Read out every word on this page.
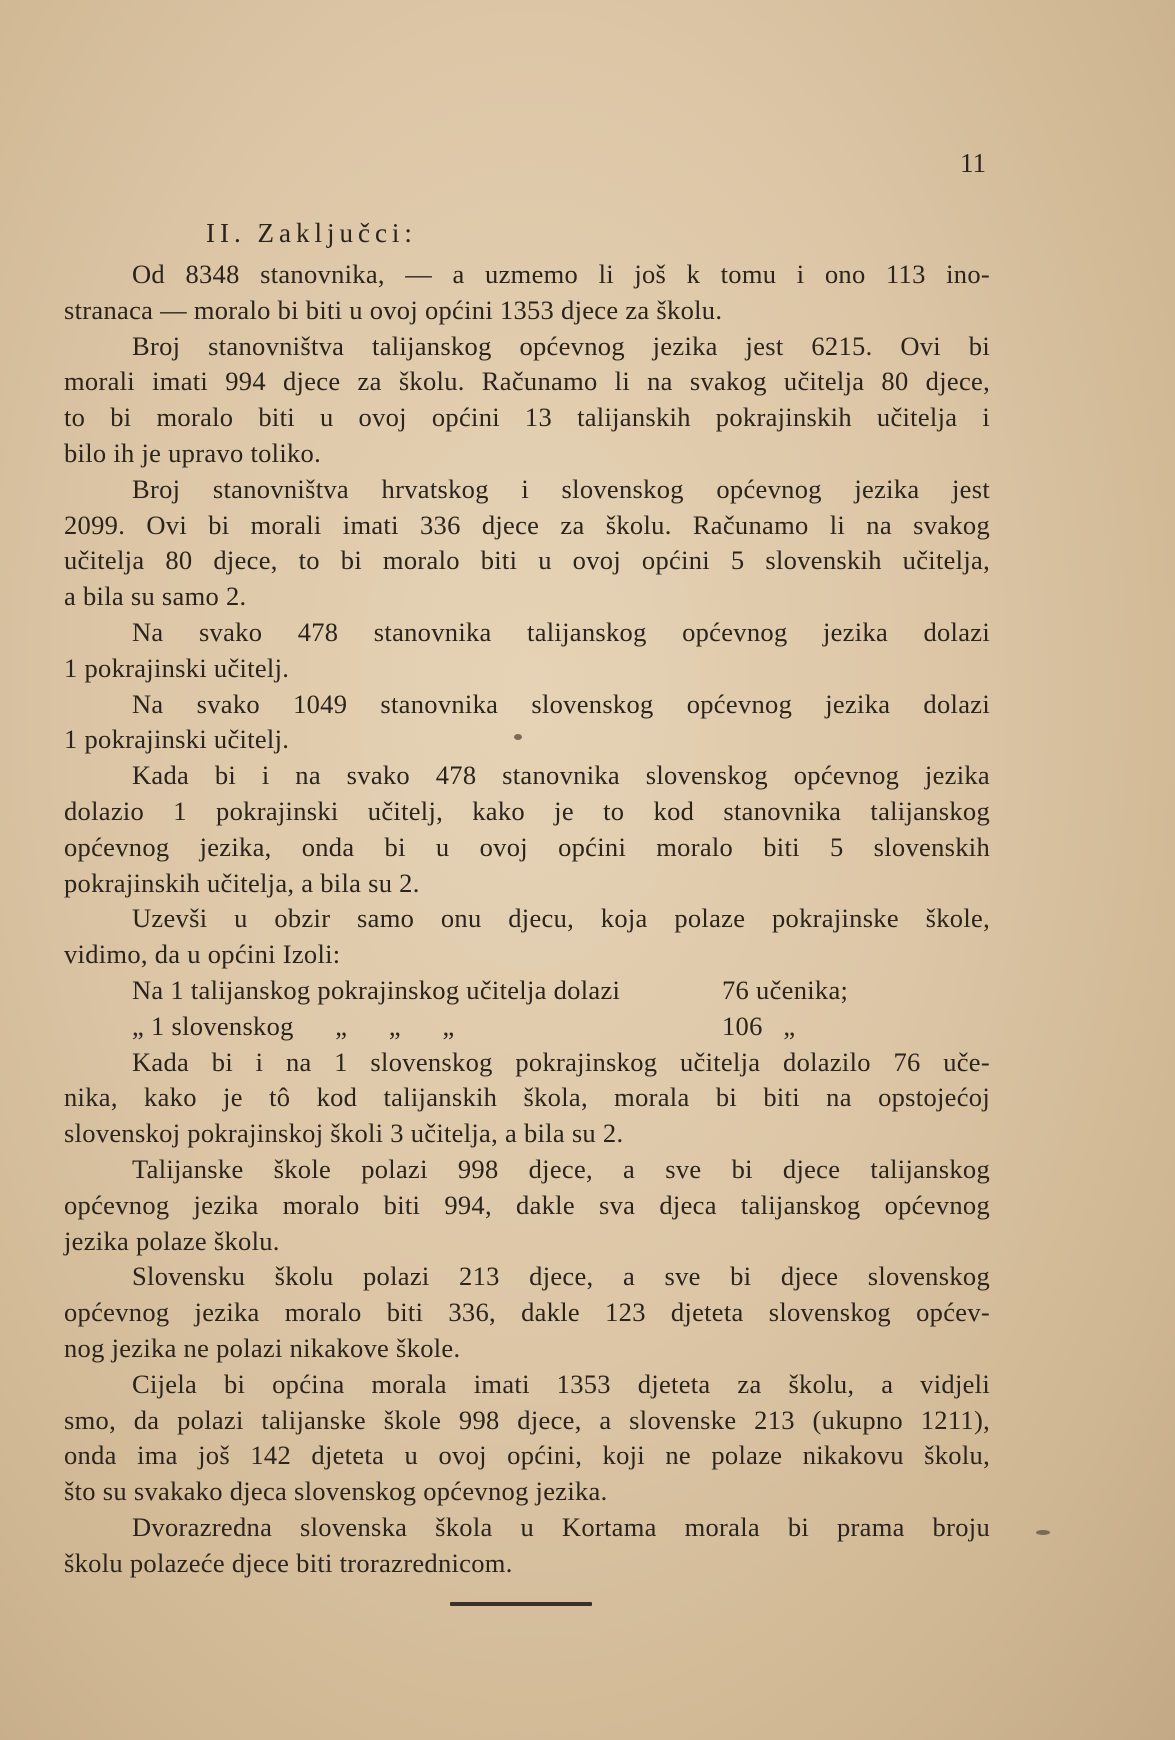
11
II. Zaključci:

Od 8348 stanovnika, — a uzmemo li još k tomu i ono 113 ino-
stranaca — moralo bi biti u ovoj općini 1353 djece za školu.

Broj stanovništva talijanskog općevnog jezika jest 6215. Ovi bi
morali imati 994 djece za školu. Računamo li na svakog učitelja 80 djece,
to bi moralo biti u ovoj općini 13 talijanskih pokrajinskih učitelja i
bilo ih je upravo toliko.

Broj stanovništva hrvatskog i slovenskog općevnog jezika jest
2099. Ovi bi morali imati 336 djece za školu. Računamo li na svakog
učitelja 80 djece, to bi moralo biti u ovoj općini 5 slovenskih učitelja,
a bila su samo 2.

Na svako 478 stanovnika talijanskog općevnog jezika dolazi
1 pokrajinski učitelj.

Na svako 1049 stanovnika slovenskog općevnog jezika dolazi
1 pokrajinski učitelj.

Kada bi i na svako 478 stanovnika slovenskog općevnog jezika
dolazio 1 pokrajinski učitelj, kako je to kod stanovnika talijanskog
općevnog jezika, onda bi u ovoj općini moralo biti 5 slovenskih
pokrajinskih učitelja, a bila su 2.

Uzevši u obzir samo onu djecu, koja polaze pokrajinske škole,
vidimo, da u općini Izoli:

Na 1 talijanskog pokrajinskog učitelja dolazi	76 učenika;
„ 1 slovenskog      „      „      „	106   „

Kada bi i na 1 slovenskog pokrajinskog učitelja dolazilo 76 uče-
nika, kako je tô kod talijanskih škola, morala bi biti na opstojećoj
slovenskoj pokrajinskoj školi 3 učitelja, a bila su 2.

Talijanske škole polazi 998 djece, a sve bi djece talijanskog
općevnog jezika moralo biti 994, dakle sva djeca talijanskog općevnog
jezika polaze školu.

Slovensku školu polazi 213 djece, a sve bi djece slovenskog
općevnog jezika moralo biti 336, dakle 123 djeteta slovenskog općev-
nog jezika ne polazi nikakove škole.

Cijela bi općina morala imati 1353 djeteta za školu, a vidjeli
smo, da polazi talijanske škole 998 djece, a slovenske 213 (ukupno 1211),
onda ima još 142 djeteta u ovoj općini, koji ne polaze nikakovu školu,
što su svakako djeca slovenskog općevnog jezika.

Dvorazredna slovenska škola u Kortama morala bi prama broju
školu polazeće djece biti trorazrednicom.
